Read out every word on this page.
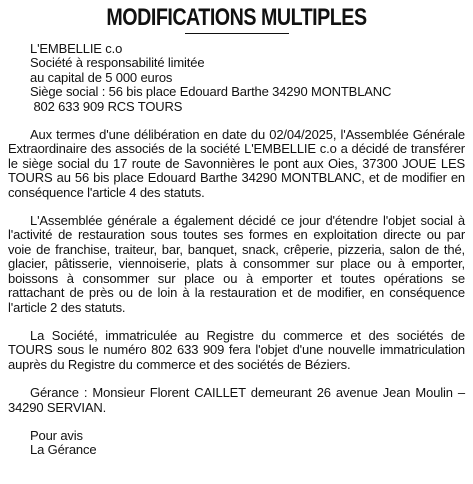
MODIFICATIONS MULTIPLES
L'EMBELLIE c.o
Société à responsabilité limitée
au capital de 5 000 euros
Siège social : 56 bis place Edouard Barthe 34290 MONTBLANC
802 633 909 RCS TOURS

Aux termes d'une délibération en date du 02/04/2025, l'Assemblée Générale Extraordinaire des associés de la société L'EMBELLIE c.o a décidé de transférer le siège social du 17 route de Savonnières le pont aux Oies, 37300 JOUE LES TOURS au 56 bis place Edouard Barthe 34290 MONTBLANC, et de modifier en conséquence l'article 4 des statuts.

L'Assemblée générale a également décidé ce jour d'étendre l'objet social à l'activité de restauration sous toutes ses formes en exploitation directe ou par voie de franchise, traiteur, bar, banquet, snack, crêperie, pizzeria, salon de thé, glacier, pâtisserie, viennoiserie, plats à consommer sur place ou à emporter, boissons à consommer sur place ou à emporter et toutes opérations se rattachant de près ou de loin à la restauration et de modifier, en conséquence l'article 2 des statuts.

La Société, immatriculée au Registre du commerce et des sociétés de TOURS sous le numéro 802 633 909 fera l'objet d'une nouvelle immatriculation auprès du Registre du commerce et des sociétés de Béziers.

Gérance : Monsieur Florent CAILLET demeurant 26 avenue Jean Moulin – 34290 SERVIAN.

Pour avis
La Gérance
